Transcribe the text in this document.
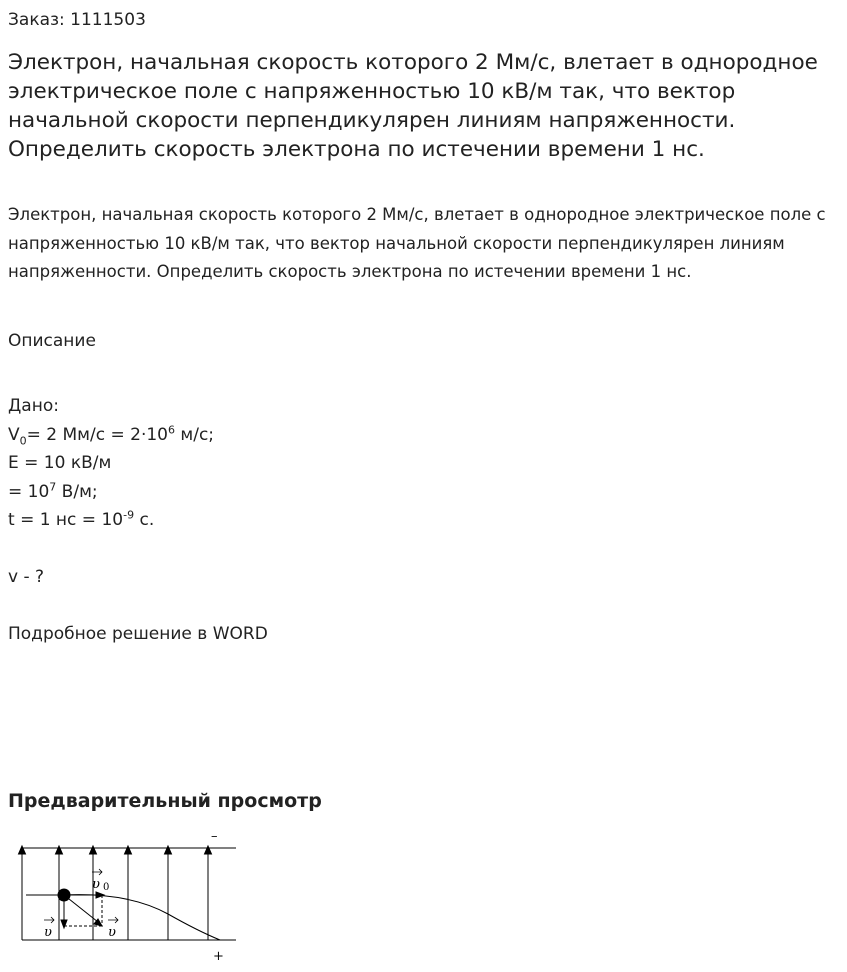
Заказ: 1111503
Электрон, начальная скорость которого 2 Мм/с, влетает в однородное электрическое поле с напряженностью 10 кВ/м так, что вектор начальной скорости перпендикулярен линиям напряженности. Определить скорость электрона по истечении времени 1 нс.

Электрон, начальная скорость которого 2 Мм/с, влетает в однородное электрическое поле с напряженностью 10 кВ/м так, что вектор начальной скорости перпендикулярен линиям напряженности. Определить скорость электрона по истечении времени 1 нс.

Описание
Дано:
$V_0= 2$ $Мм/с = 2\cdot 10^6$ м/с;
E = 10 кВ/м
= $10^7$ В/м;
t = 1 нс = $10^{-9}$ с.

v - ?

Подробное решение в WORD
Предварительный просмотр
–
+
υ 0
υ	υ
